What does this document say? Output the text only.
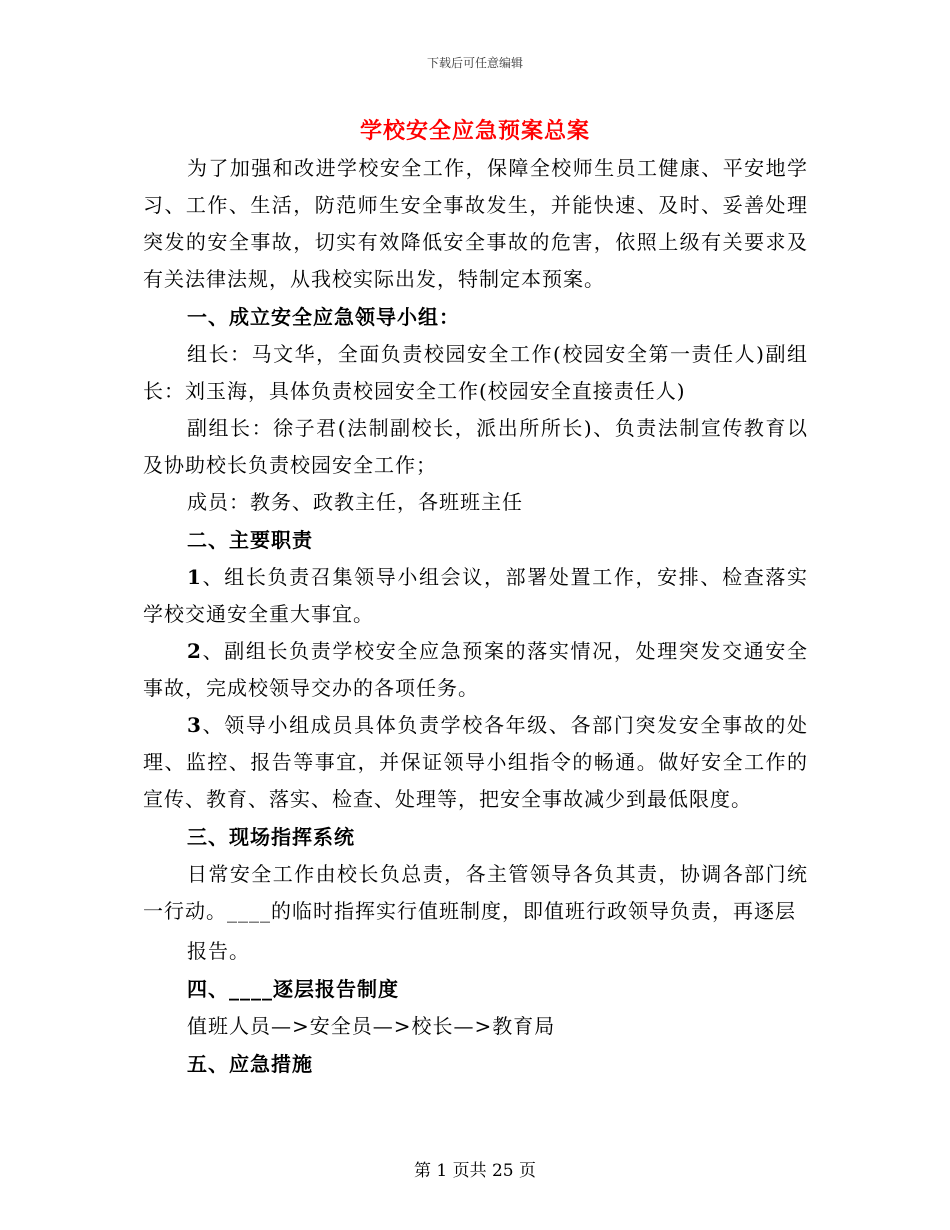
下载后可任意编辑
学校安全应急预案总案

为了加强和改进学校安全工作，保障全校师生员工健康、平安地学习、工作、生活，防范师生安全事故发生，并能快速、及时、妥善处理突发的安全事故，切实有效降低安全事故的危害，依照上级有关要求及有关法律法规，从我校实际出发，特制定本预案。

一、成立安全应急领导小组：

组长：马文华，全面负责校园安全工作(校园安全第一责任人)副组长：刘玉海，具体负责校园安全工作(校园安全直接责任人)

副组长：徐子君(法制副校长，派出所所长)、负责法制宣传教育以及协助校长负责校园安全工作；

成员：教务、政教主任，各班班主任

二、主要职责

1、组长负责召集领导小组会议，部署处置工作，安排、检查落实学校交通安全重大事宜。

2、副组长负责学校安全应急预案的落实情况，处理突发交通安全事故，完成校领导交办的各项任务。

3、领导小组成员具体负责学校各年级、各部门突发安全事故的处理、监控、报告等事宜，并保证领导小组指令的畅通。做好安全工作的宣传、教育、落实、检查、处理等，把安全事故减少到最低限度。

三、现场指挥系统

日常安全工作由校长负总责，各主管领导各负其责，协调各部门统一行动。____的临时指挥实行值班制度，即值班行政领导负责，再逐层

报告。

四、____逐层报告制度

值班人员—>安全员—>校长—>教育局

五、应急措施

第 1 页共 25 页
